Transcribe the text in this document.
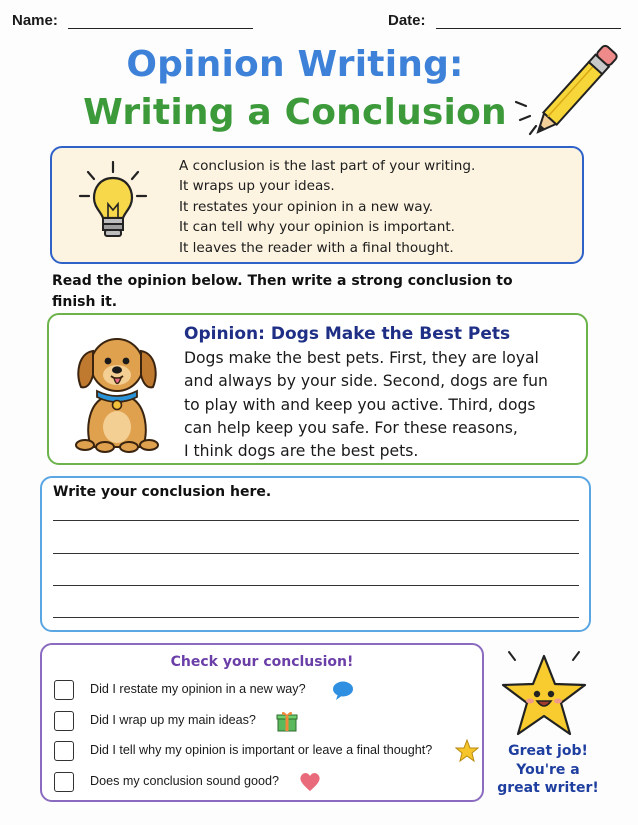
Name:	Date:
Opinion Writing:
Writing a Conclusion
A conclusion is the last part of your writing.
It wraps up your ideas.
It restates your opinion in a new way.
It can tell why your opinion is important.
It leaves the reader with a final thought.
Read the opinion below. Then write a strong conclusion to finish it.
Opinion: Dogs Make the Best Pets
Dogs make the best pets. First, they are loyal
and always by your side. Second, dogs are fun
to play with and keep you active. Third, dogs
can help keep you safe. For these reasons,
I think dogs are the best pets.
Write your conclusion here.
Check your conclusion!
Did I restate my opinion in a new way?
Did I wrap up my main ideas?
Did I tell why my opinion is important or leave a final thought?
Does my conclusion sound good?
Great job!
You're a
great writer!
